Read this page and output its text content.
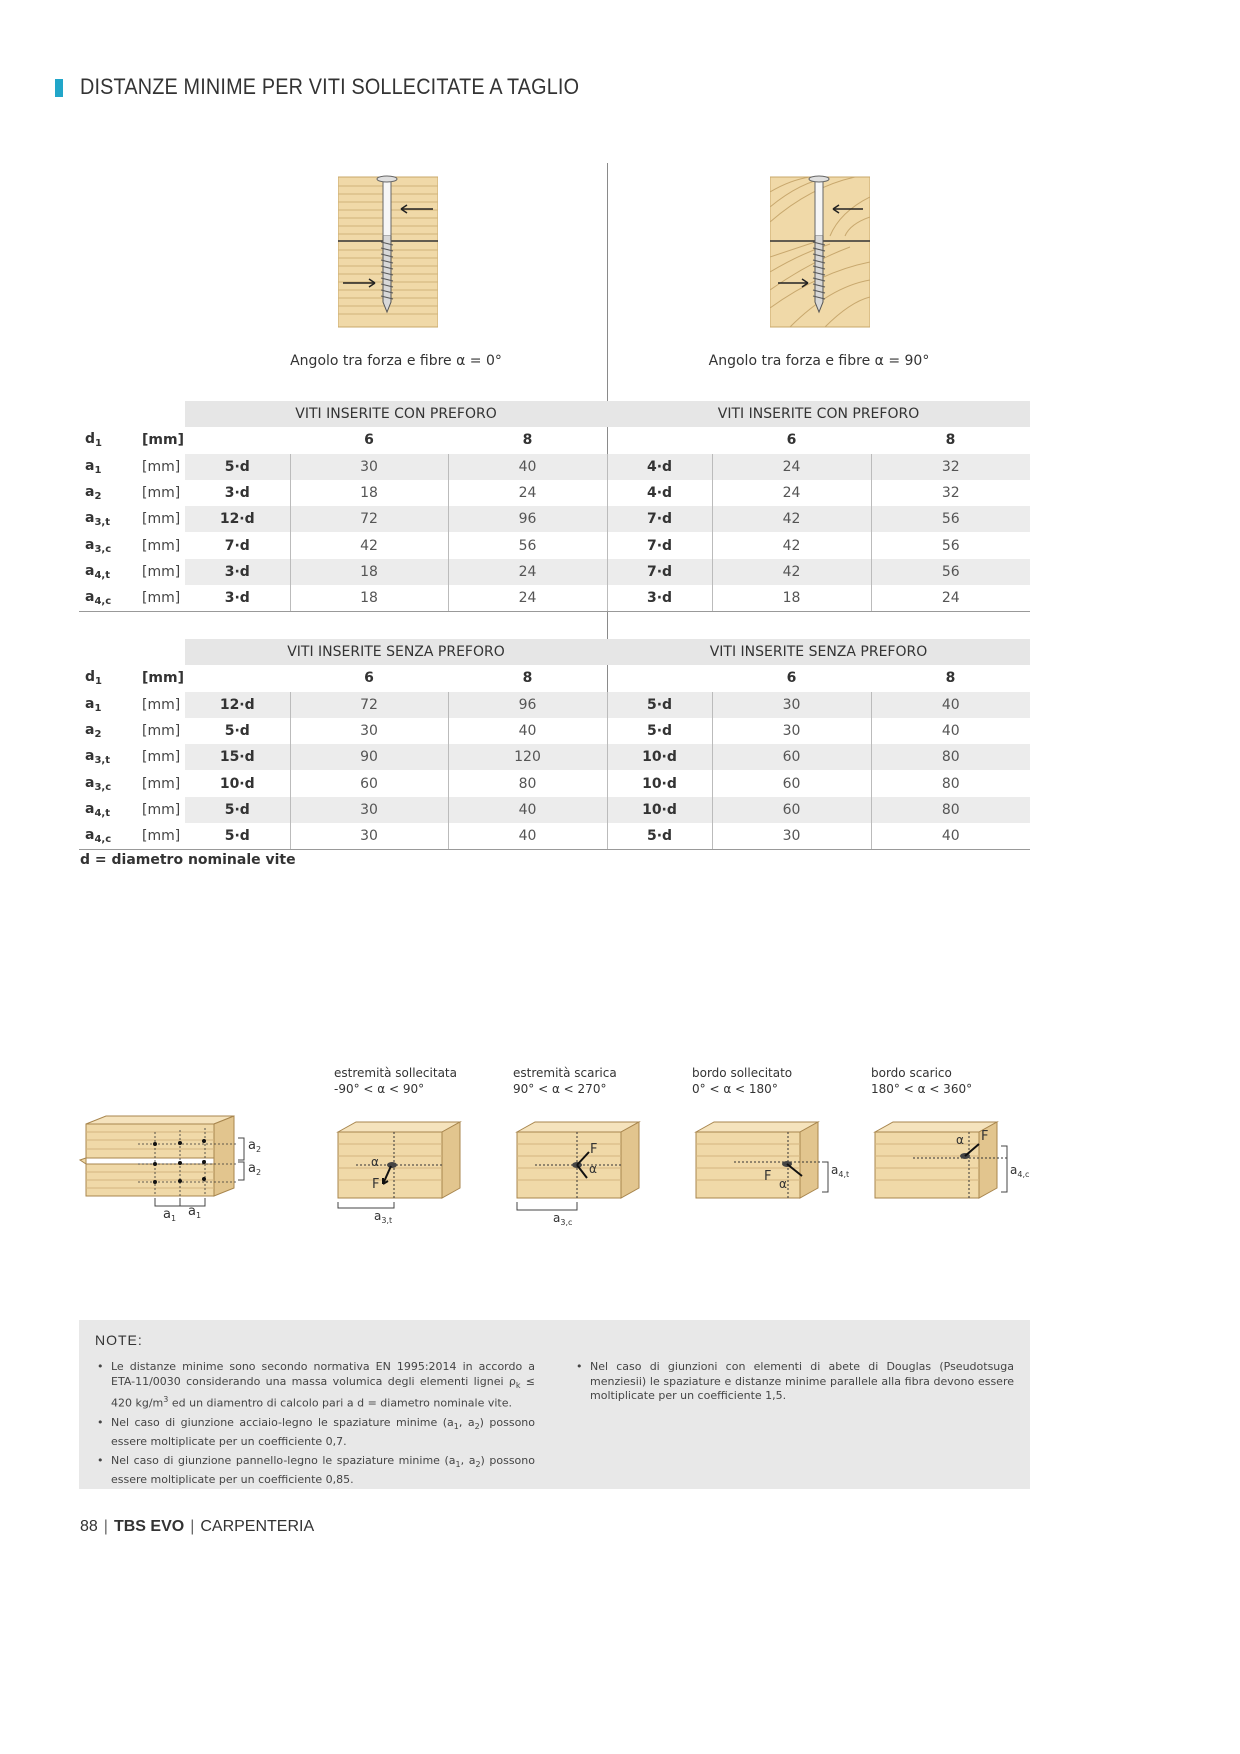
DISTANZE MINIME PER VITI SOLLECITATE A TAGLIO
Angolo tra forza e fibre α = 0°	Angolo tra forza e fibre α = 90°
		VITI INSERITE CON PREFORO			VITI INSERITE CON PREFORO		
$d_1$	[mm]		6	8		6	8
$a_1$	[mm]	5·d	30	40	4·d	24	32
$a_2$	[mm]	3·d	18	24	4·d	24	32
$a_{3,t}$	[mm]	12·d	72	96	7·d	42	56
$a_{3,c}$	[mm]	7·d	42	56	7·d	42	56
$a_{4,t}$	[mm]	3·d	18	24	7·d	42	56
$a_{4,c}$	[mm]	3·d	18	24	3·d	18	24
		VITI INSERITE SENZA PREFORO			VITI INSERITE SENZA PREFORO		
$d_1$	[mm]		6	8		6	8
$a_1$	[mm]	12·d	72	96	5·d	30	40
$a_2$	[mm]	5·d	30	40	5·d	30	40
$a_{3,t}$	[mm]	15·d	90	120	10·d	60	80
$a_{3,c}$	[mm]	10·d	60	80	10·d	60	80
$a_{4,t}$	[mm]	5·d	30	40	10·d	60	80
$a_{4,c}$	[mm]	5·d	30	40	5·d	30	40
d = diametro nominale vite
estremità sollecitata
-90° < α < 90°
estremità scarica
90° < α < 270°
bordo sollecitato
0° < α < 180°
bordo scarico
180° < α < 360°
$a_2$
$a_2$
$a_1$ $a_1$
α
F
$a_{3,t}$
F
α
$a_{3,c}$
F α
$a_{4,t}$
F
α
$a_{4,c}$
NOTE:
• Le distanze minime sono secondo normativa EN 1995:2014 in accordo a ETA-11/0030 considerando una massa volumica degli elementi lignei $\rho_k \le 420$ $kg/m^3$ ed un diamentro di calcolo pari a d = diametro nominale vite.
• Nel caso di giunzione acciaio-legno le spaziature minime ($a_1$, $a_2$) possono essere moltiplicate per un coefficiente 0,7.
• Nel caso di giunzione pannello-legno le spaziature minime ($a_1$, $a_2$) possono essere moltiplicate per un coefficiente 0,85.
• Nel caso di giunzioni con elementi di abete di Douglas (Pseudotsuga menziesii) le spaziature e distanze minime parallele alla fibra devono essere moltiplicate per un coefficiente 1,5.
88 | TBS EVO | CARPENTERIA
